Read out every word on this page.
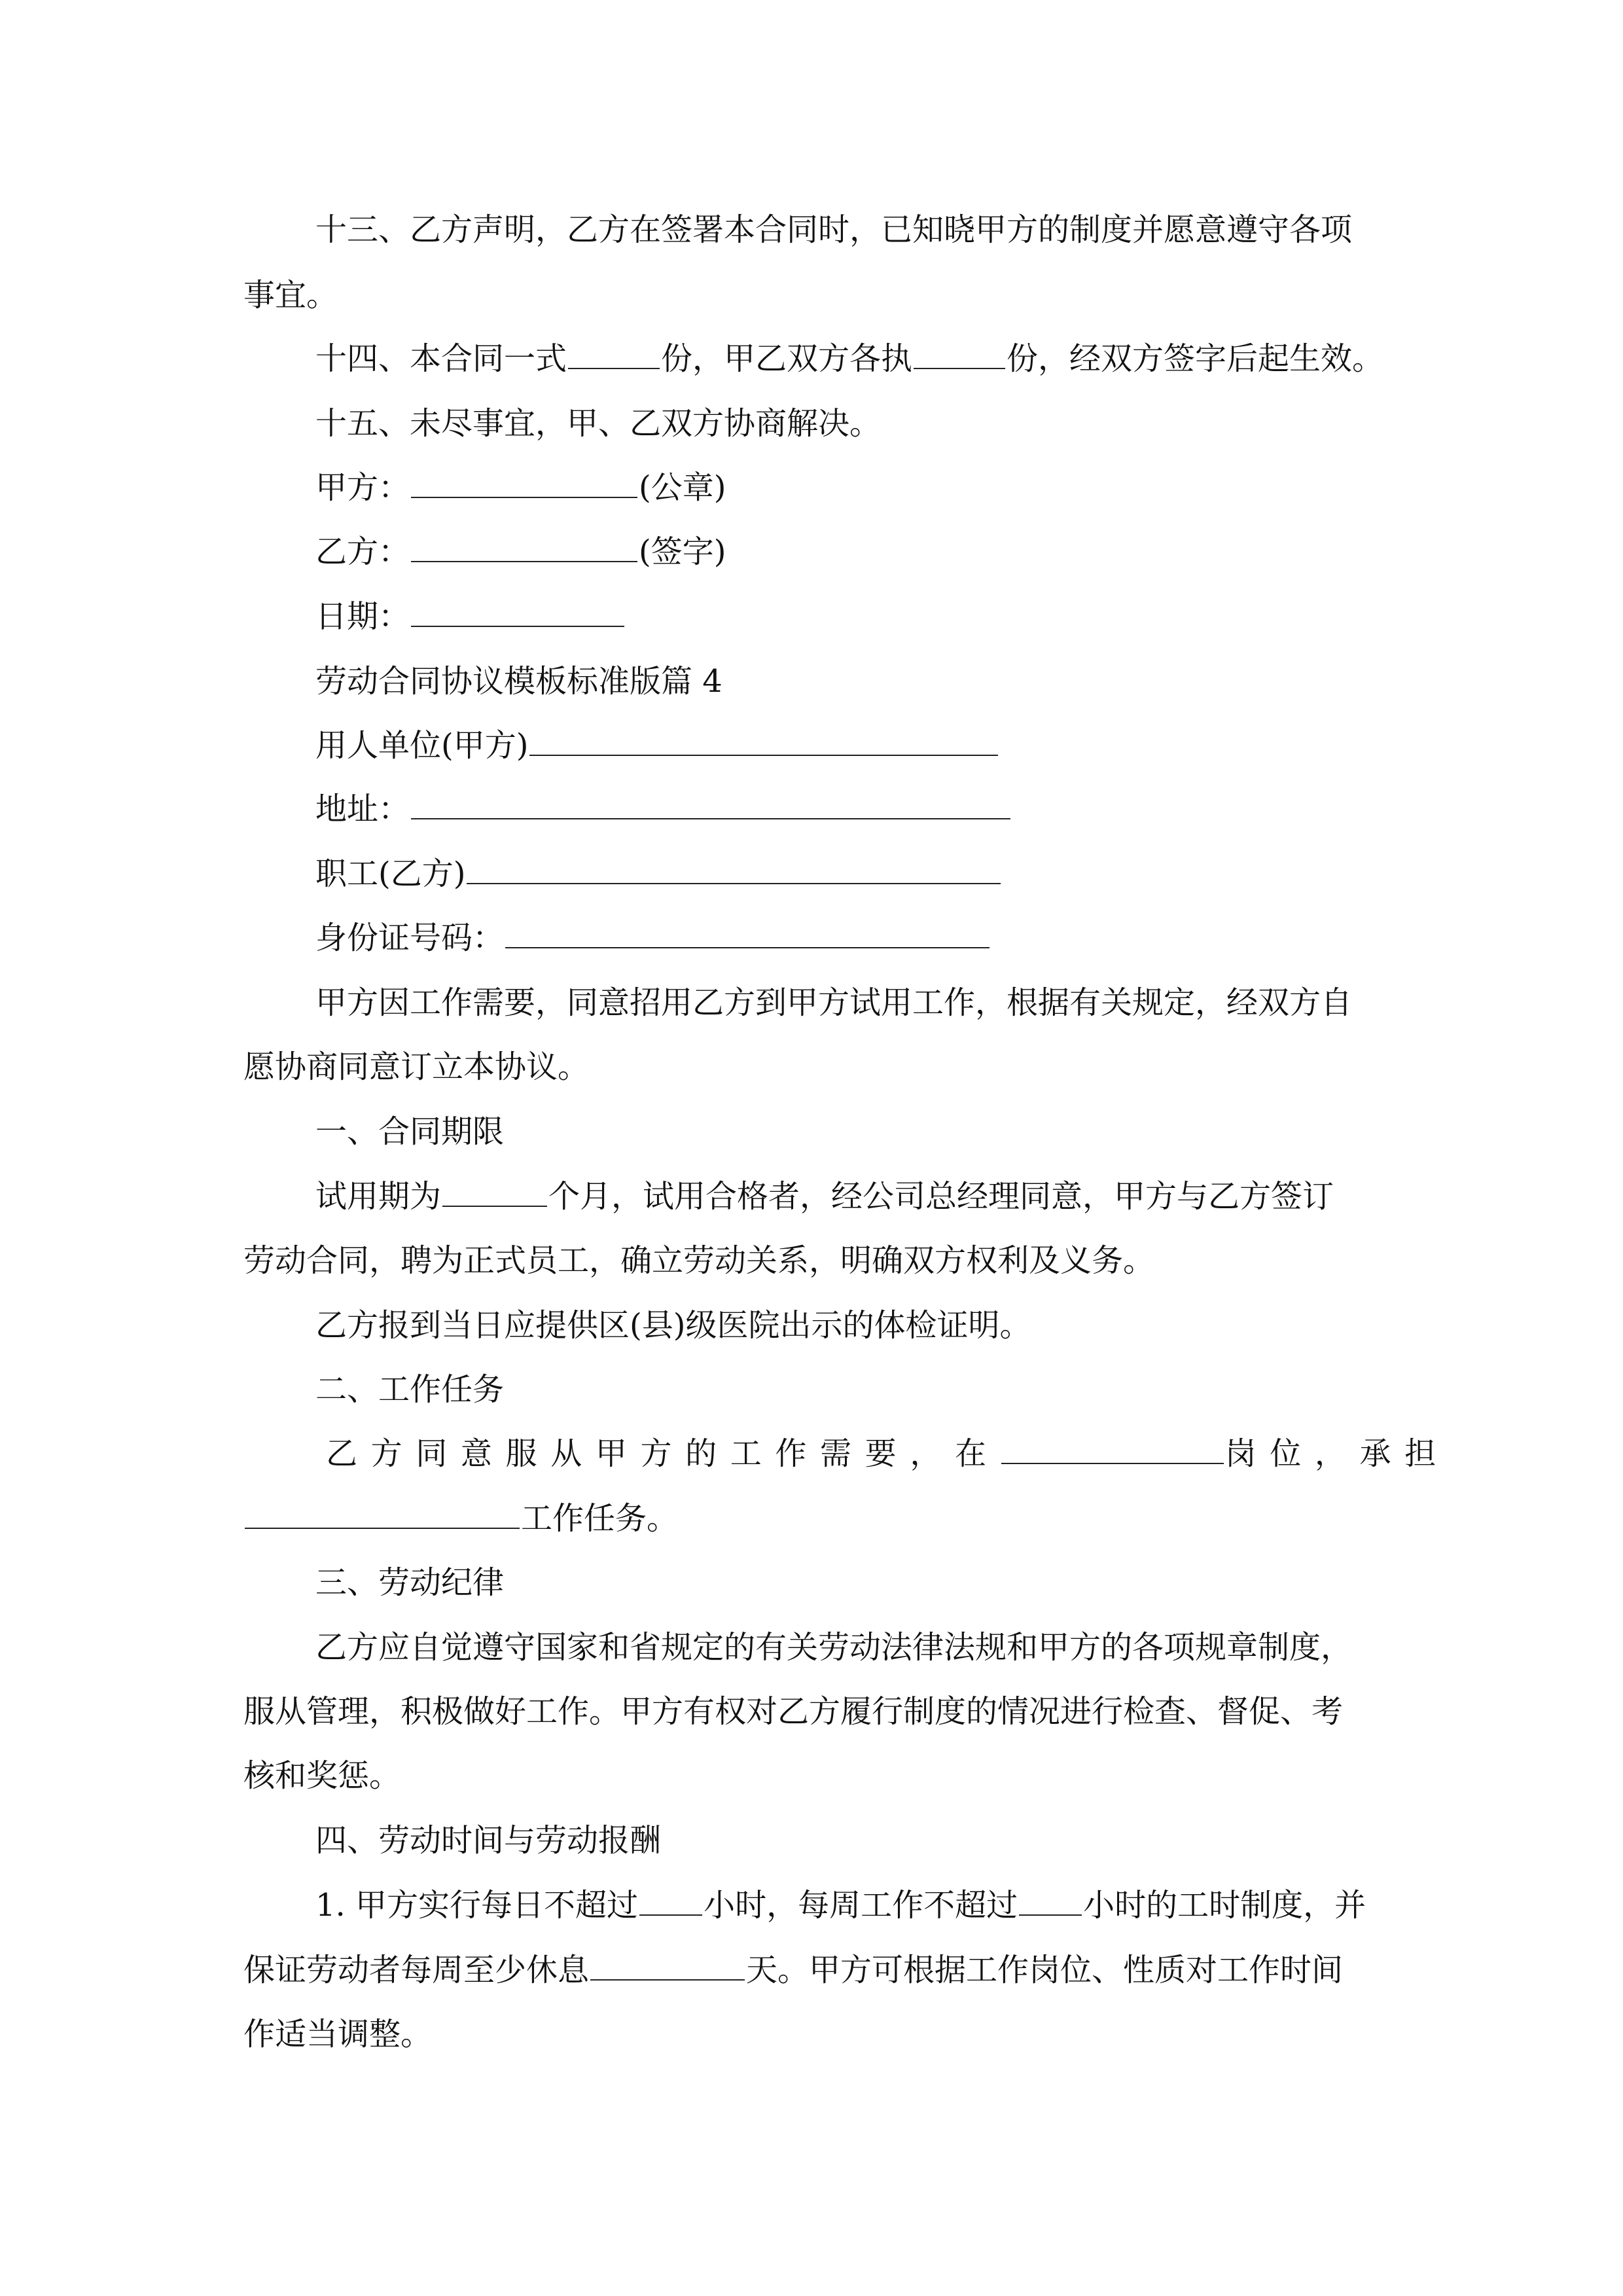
十三、乙方声明，乙方在签署本合同时，已知晓甲方的制度并愿意遵守各项

事宜。

十四、本合同一式	份，甲乙双方各执	份，经双方签字后起生效。

十五、未尽事宜，甲、乙双方协商解决。

甲方：	(公章)

乙方：	(签字)

日期：

劳动合同协议模板标准版篇 4

用人单位(甲方)

地址：

职工(乙方)

身份证号码：

甲方因工作需要，同意招用乙方到甲方试用工作，根据有关规定，经双方自

愿协商同意订立本协议。

一、合同期限

试用期为	个月，试用合格者，经公司总经理同意，甲方与乙方签订

劳动合同，聘为正式员工，确立劳动关系，明确双方权利及义务。

乙方报到当日应提供区(县)级医院出示的体检证明。

二、工作任务

乙方同意服从甲方的工作需要，在	岗位，承担

工作任务。

三、劳动纪律

乙方应自觉遵守国家和省规定的有关劳动法律法规和甲方的各项规章制度，

服从管理，积极做好工作。甲方有权对乙方履行制度的情况进行检查、督促、考

核和奖惩。

四、劳动时间与劳动报酬

1. 甲方实行每日不超过 小时，每周工作不超过 小时的工时制度，并

保证劳动者每周至少休息	天。甲方可根据工作岗位、性质对工作时间

作适当调整。
